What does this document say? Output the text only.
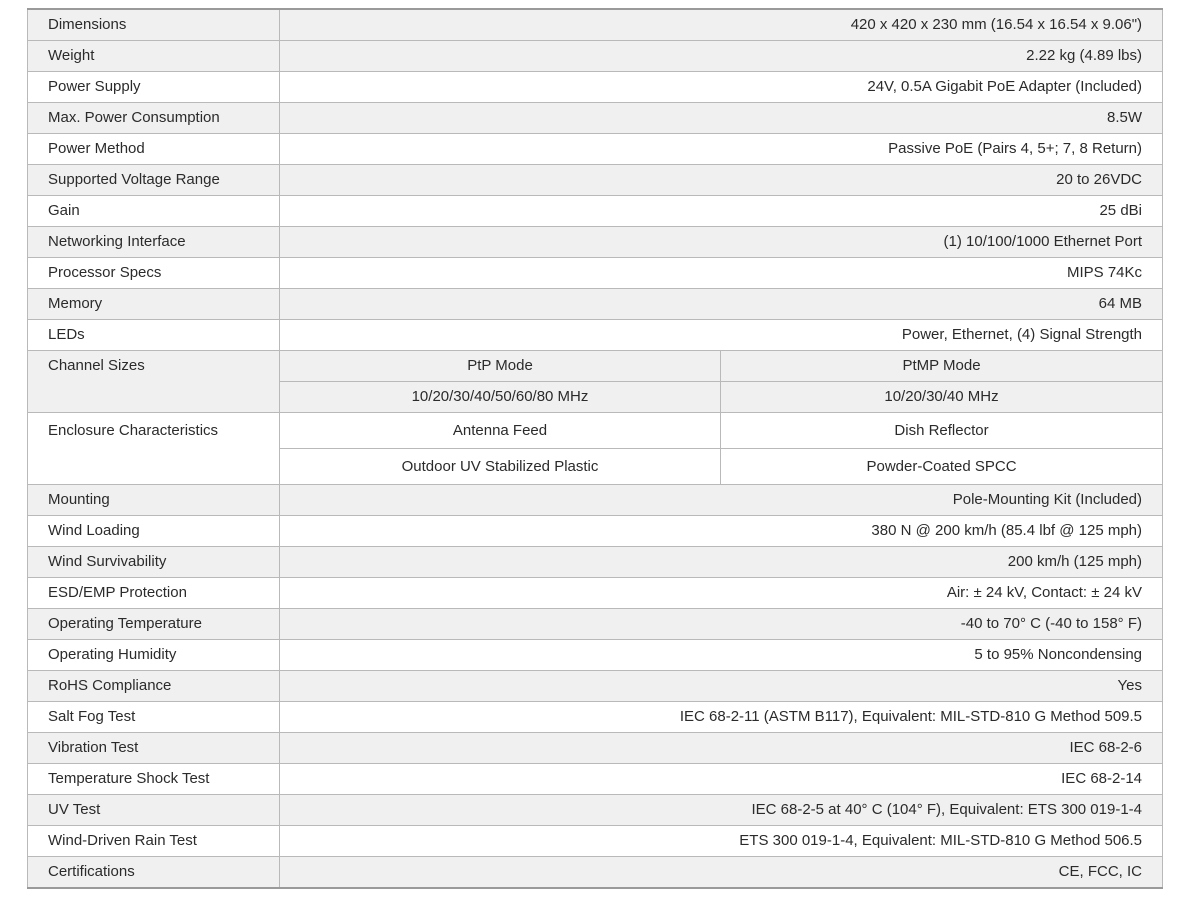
Dimensions	420 x 420 x 230 mm (16.54 x 16.54 x 9.06")	
Weight	2.22 kg (4.89 lbs)	
Power Supply	24V, 0.5A Gigabit PoE Adapter (Included)	
Max. Power Consumption	8.5W	
Power Method	Passive PoE (Pairs 4, 5+; 7, 8 Return)	
Supported Voltage Range	20 to 26VDC	
Gain	25 dBi	
Networking Interface	(1) 10/100/1000 Ethernet Port	
Processor Specs	MIPS 74Kc	
Memory	64 MB	
LEDs	Power, Ethernet, (4) Signal Strength	
Channel Sizes	PtP Mode	PtMP Mode
	10/20/30/40/50/60/80 MHz	10/20/30/40 MHz
Enclosure Characteristics	Antenna Feed	Dish Reflector
	Outdoor UV Stabilized Plastic	Powder-Coated SPCC
Mounting	Pole-Mounting Kit (Included)	
Wind Loading	380 N @ 200 km/h (85.4 lbf @ 125 mph)	
Wind Survivability	200 km/h (125 mph)	
ESD/EMP Protection	Air: ± 24 kV, Contact: ± 24 kV	
Operating Temperature	-40 to 70° C (-40 to 158° F)	
Operating Humidity	5 to 95% Noncondensing	
RoHS Compliance	Yes	
Salt Fog Test	IEC 68-2-11 (ASTM B117), Equivalent: MIL-STD-810 G Method 509.5	
Vibration Test	IEC 68-2-6	
Temperature Shock Test	IEC 68-2-14	
UV Test	IEC 68-2-5 at 40° C (104° F), Equivalent: ETS 300 019-1-4	
Wind-Driven Rain Test	ETS 300 019-1-4, Equivalent: MIL-STD-810 G Method 506.5	
Certifications	CE, FCC, IC	
